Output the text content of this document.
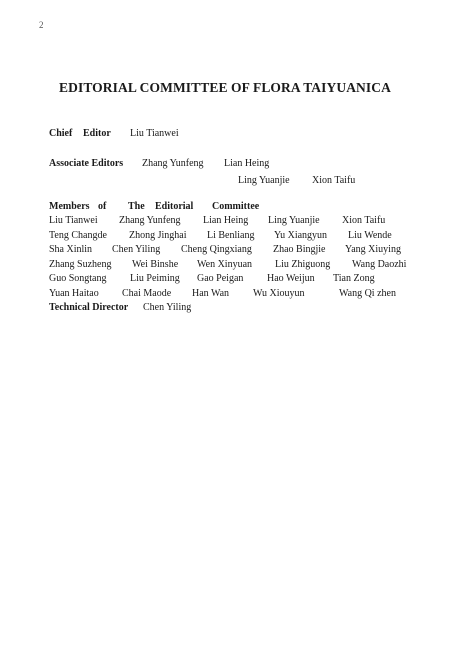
2
EDITORIAL COMMITTEE OF FLORA TAIYUANICA
Chief Editor Liu Tianwei
Associate Editors Zhang Yunfeng Lian Heing
Ling Yuanjie Xion Taifu
Members of The Editorial Committee
Liu Tianwei Zhang Yunfeng Lian Heing Ling Yuanjie Xion Taifu
Teng Changde Zhong Jinghai Li Benliang Yu Xiangyun Liu Wende
Sha Xinlin Chen Yiling Cheng Qingxiang Zhao Bingjie Yang Xiuying
Zhang Suzheng Wei Binshe Wen Xinyuan Liu Zhiguong Wang Daozhi
Guo Songtang Liu Peiming Gao Peigan Hao Weijun Tian Zong
Yuan Haitao Chai Maode Han Wan Wu Xiouyun	Wang Qi zhen
Technical Director Chen Yiling
